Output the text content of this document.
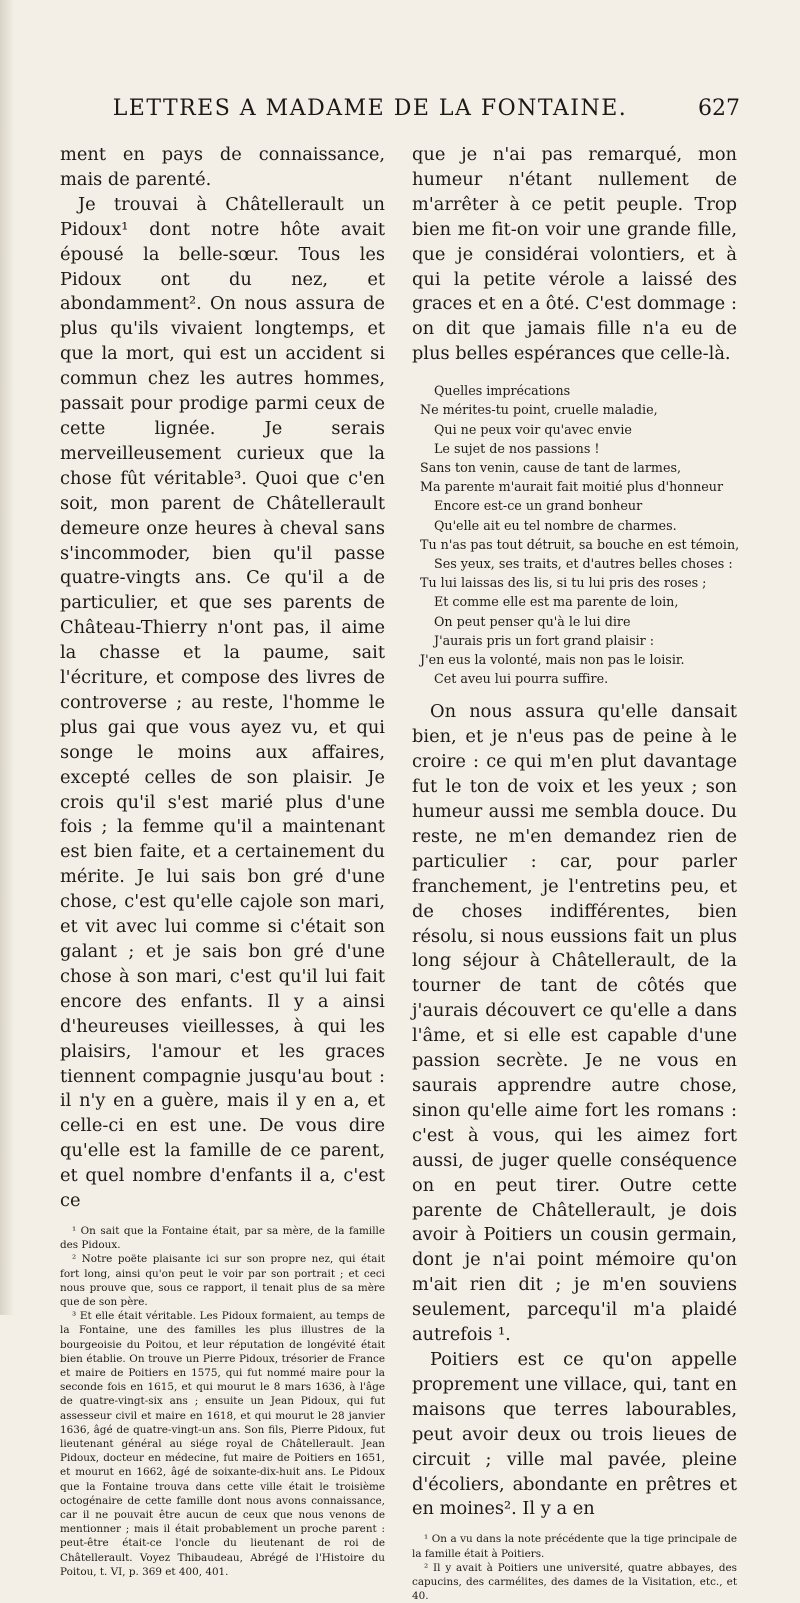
LETTRES A MADAME DE LA FONTAINE.	627

ment en pays de connaissance, mais de parenté.

Je trouvai à Châtellerault un Pidoux¹ dont notre hôte avait épousé la belle-sœur. Tous les Pidoux ont du nez, et abondamment². On nous assura de plus qu'ils vivaient longtemps, et que la mort, qui est un accident si commun chez les autres hommes, passait pour prodige parmi ceux de cette lignée. Je serais merveilleusement curieux que la chose fût véritable³. Quoi que c'en soit, mon parent de Châtellerault demeure onze heures à cheval sans s'incommoder, bien qu'il passe quatre-vingts ans. Ce qu'il a de particulier, et que ses parents de Château-Thierry n'ont pas, il aime la chasse et la paume, sait l'écriture, et compose des livres de controverse ; au reste, l'homme le plus gai que vous ayez vu, et qui songe le moins aux affaires, excepté celles de son plaisir. Je crois qu'il s'est marié plus d'une fois ; la femme qu'il a maintenant est bien faite, et a certainement du mérite. Je lui sais bon gré d'une chose, c'est qu'elle cajole son mari, et vit avec lui comme si c'était son galant ; et je sais bon gré d'une chose à son mari, c'est qu'il lui fait encore des enfants. Il y a ainsi d'heureuses vieillesses, à qui les plaisirs, l'amour et les graces tiennent compagnie jusqu'au bout : il n'y en a guère, mais il y en a, et celle-ci en est une. De vous dire qu'elle est la famille de ce parent, et quel nombre d'enfants il a, c'est ce

¹ On sait que la Fontaine était, par sa mère, de la famille des Pidoux.

² Notre poëte plaisante ici sur son propre nez, qui était fort long, ainsi qu'on peut le voir par son portrait ; et ceci nous prouve que, sous ce rapport, il tenait plus de sa mère que de son père.

³ Et elle était véritable. Les Pidoux formaient, au temps de la Fontaine, une des familles les plus illustres de la bourgeoisie du Poitou, et leur réputation de longévité était bien établie. On trouve un Pierre Pidoux, trésorier de France et maire de Poitiers en 1575, qui fut nommé maire pour la seconde fois en 1615, et qui mourut le 8 mars 1636, à l'âge de quatre-vingt-six ans ; ensuite un Jean Pidoux, qui fut assesseur civil et maire en 1618, et qui mourut le 28 janvier 1636, âgé de quatre-vingt-un ans. Son fils, Pierre Pidoux, fut lieutenant général au siége royal de Châtellerault. Jean Pidoux, docteur en médecine, fut maire de Poitiers en 1651, et mourut en 1662, âgé de soixante-dix-huit ans. Le Pidoux que la Fontaine trouva dans cette ville était le troisième octogénaire de cette famille dont nous avons connaissance, car il ne pouvait être aucun de ceux que nous venons de mentionner ; mais il était probablement un proche parent : peut-être était-ce l'oncle du lieutenant de roi de Châtellerault. Voyez Thibaudeau, Abrégé de l'Histoire du Poitou, t. VI, p. 369 et 400, 401.

que je n'ai pas remarqué, mon humeur n'étant nullement de m'arrêter à ce petit peuple. Trop bien me fit-on voir une grande fille, que je considérai volontiers, et à qui la petite vérole a laissé des graces et en a ôté. C'est dommage : on dit que jamais fille n'a eu de plus belles espérances que celle-là.

Quelles imprécations
Ne mérites-tu point, cruelle maladie,
Qui ne peux voir qu'avec envie
Le sujet de nos passions !
Sans ton venin, cause de tant de larmes,
Ma parente m'aurait fait moitié plus d'honneur
Encore est-ce un grand bonheur
Qu'elle ait eu tel nombre de charmes.
Tu n'as pas tout détruit, sa bouche en est témoin,
Ses yeux, ses traits, et d'autres belles choses :
Tu lui laissas des lis, si tu lui pris des roses ;
Et comme elle est ma parente de loin,
On peut penser qu'à le lui dire
J'aurais pris un fort grand plaisir :
J'en eus la volonté, mais non pas le loisir.
Cet aveu lui pourra suffire.

On nous assura qu'elle dansait bien, et je n'eus pas de peine à le croire : ce qui m'en plut davantage fut le ton de voix et les yeux ; son humeur aussi me sembla douce. Du reste, ne m'en demandez rien de particulier : car, pour parler franchement, je l'entretins peu, et de choses indifférentes, bien résolu, si nous eussions fait un plus long séjour à Châtellerault, de la tourner de tant de côtés que j'aurais découvert ce qu'elle a dans l'âme, et si elle est capable d'une passion secrète. Je ne vous en saurais apprendre autre chose, sinon qu'elle aime fort les romans : c'est à vous, qui les aimez fort aussi, de juger quelle conséquence on en peut tirer. Outre cette parente de Châtellerault, je dois avoir à Poitiers un cousin germain, dont je n'ai point mémoire qu'on m'ait rien dit ; je m'en souviens seulement, parcequ'il m'a plaidé autrefois ¹.

Poitiers est ce qu'on appelle proprement une villace, qui, tant en maisons que terres labourables, peut avoir deux ou trois lieues de circuit ; ville mal pavée, pleine d'écoliers, abondante en prêtres et en moines². Il y a en

¹ On a vu dans la note précédente que la tige principale de la famille était à Poitiers.

² Il y avait à Poitiers une université, quatre abbayes, des capucins, des carmélites, des dames de la Visitation, etc., et 40.
